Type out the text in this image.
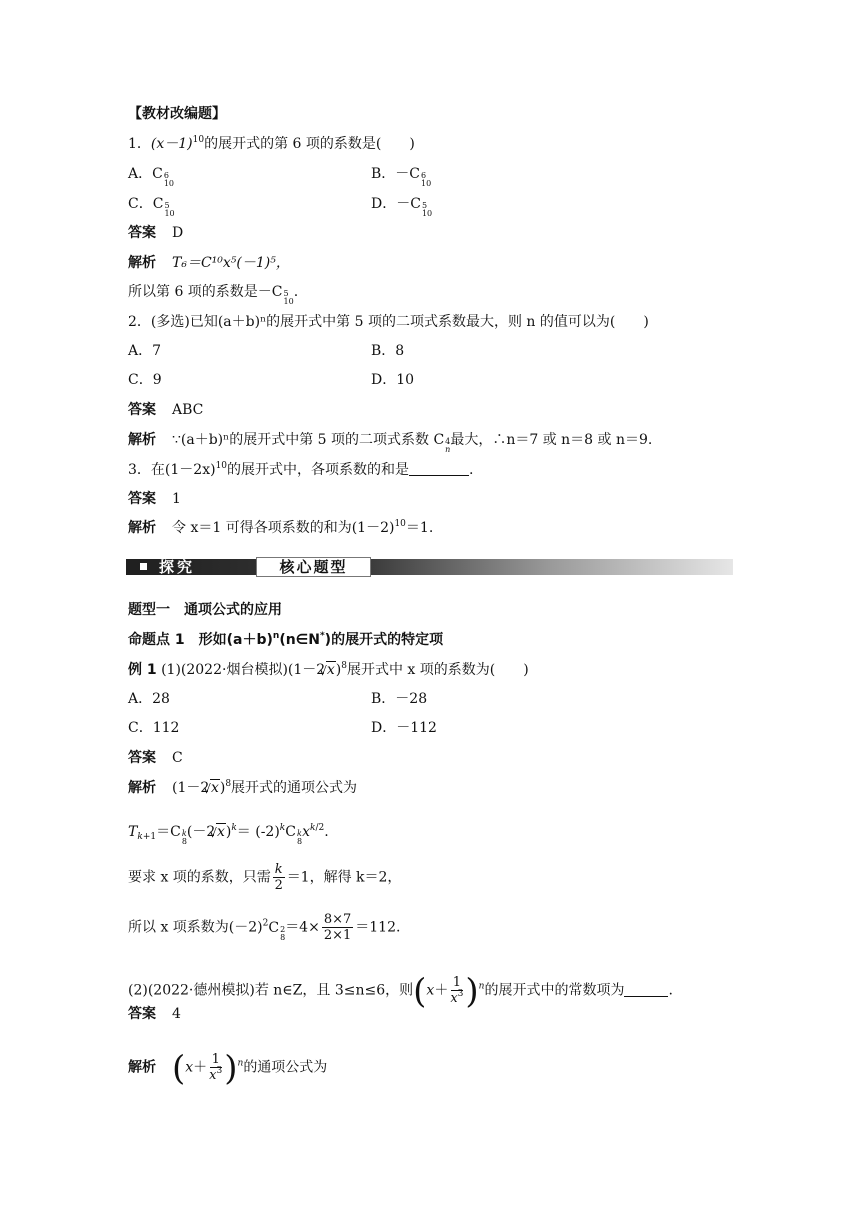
【教材改编题】
1．$(x-1)^{10}$的展开式的第 6 项的系数是(　　)
A．C 6
10
B．－C 6
10
C．C 5
10
D．－C 5
10
答案 D
解析 T₆＝C¹⁰x⁵(－1)⁵，
所以第 6 项的系数是－C 5
10
.
2．(多选)已知(a＋b)ⁿ的展开式中第 5 项的二项式系数最大，则 n 的值可以为(　　)
A．7	B．8
C．9	D．10
答案 ABC
解析 ∵(a＋b)ⁿ的展开式中第 5 项的二项式系数 C 4
n
最大，∴n＝7 或 n＝8 或 n＝9.
3．在$(1-2x)^{10}$的展开式中，各项系数的和是	.
答案 1
解析 令 x＝1 可得各项系数的和为$(1-2)^{10}=1$.
探究	核心题型
题型一　通项公式的应用
命题点 1　形如$(a+b)^n(n\in N^*)$的展开式的特定项
例 1 (1)(2022·烟台模拟)(1－2 √ x)$^8$展开式中 x 项的系数为(　　)
A．28	B．－28
C．112	D．－112
答案 C
解析 (1－2 √ x)$^8$展开式的通项公式为
$T_{k+1} =C$ k
8
(－2 √ $x)^k= (-2)^kC$ k
8
$x^{k/2}$.
要求 x 项的系数，只需 $\frac{k}{2} =1$，解得 k＝2，
所以 x 项系数为$(-2)^2$ C 2
8
$=4\times \frac{8\times 7}{2\times 1} =112$.
(2)(2022·德州模拟)若 n∈Z，且 3≤n≤6，则$(x+ \frac{1}{x^3} )^n$的展开式中的常数项为	.
答案 4
解析 $(x+ \frac{1}{x^3} )^n$的通项公式为
